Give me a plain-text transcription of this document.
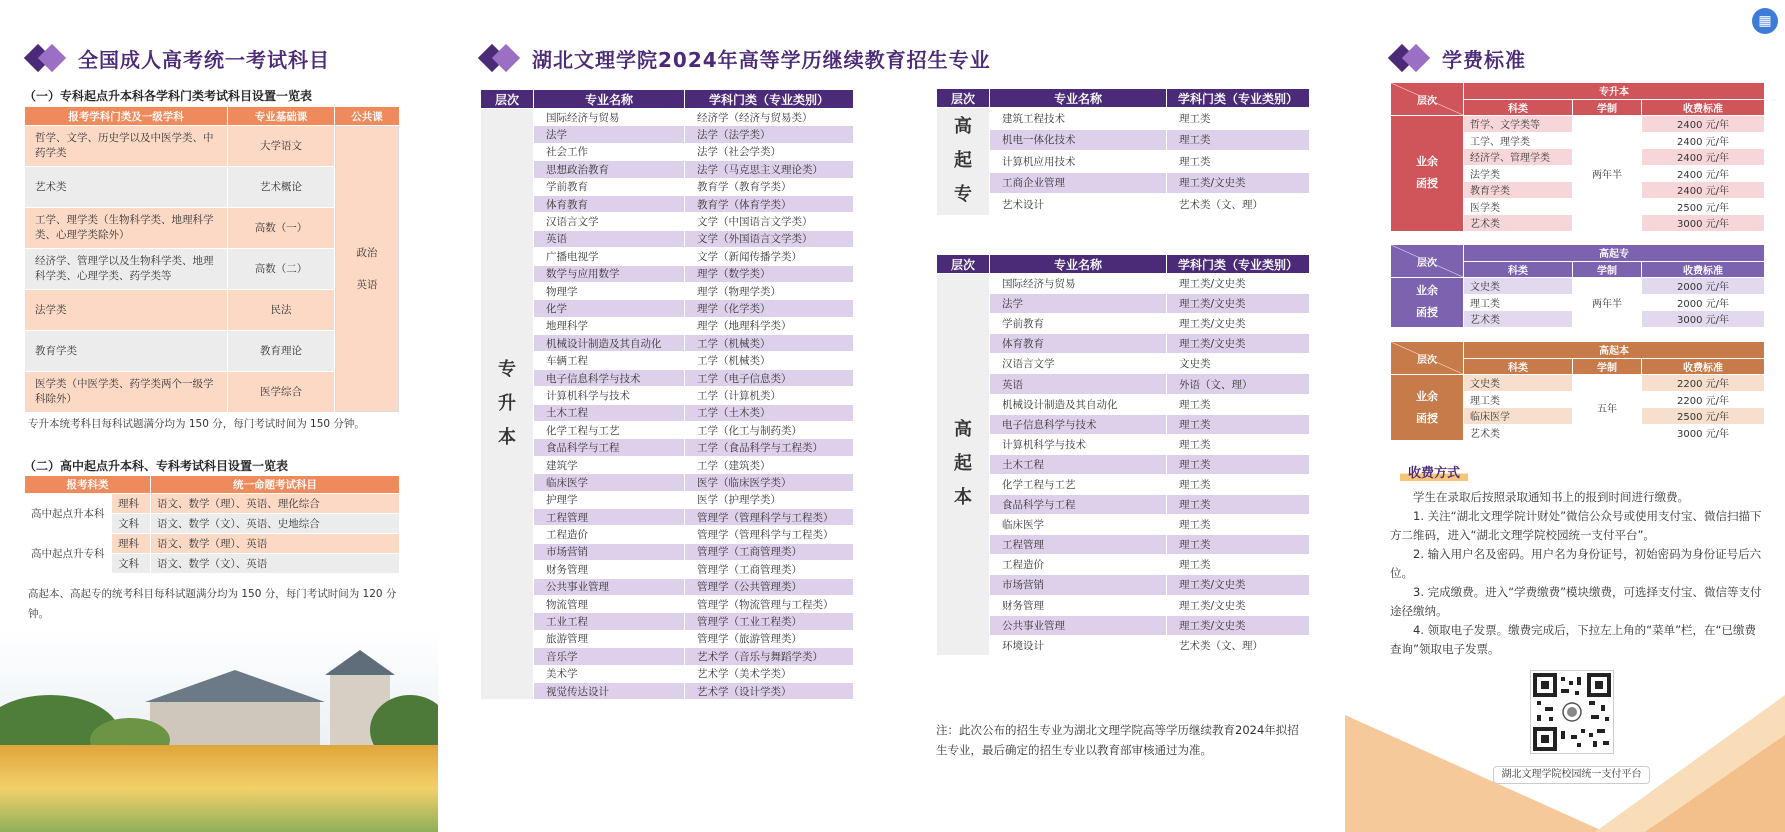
▦
全国成人高考统一考试科目
（一）专科起点升本科各学科门类考试科目设置一览表
报考学科门类及一级学科	专业基础课	公共课
哲学、文学、历史学以及中医学类、中药学类	大学语文	政治
英语

艺术类	艺术概论	
工学、理学类（生物科学类、地理科学类、心理学类除外）	高数（一）	
经济学、管理学以及生物科学类、地理科学类、心理学类、药学类等	高数（二）	
法学类	民法	
教育学类	教育理论	
医学类（中医学类、药学类两个一级学科除外）	医学综合	
专升本统考科目每科试题满分均为 150 分，每门考试时间为 150 分钟。
（二）高中起点升本科、专科考试科目设置一览表
报考科类		统一命题考试科目
高中起点升本科	理科	语文、数学（理）、英语、理化综合
	文科	语文、数学（文）、英语、史地综合
高中起点升专科	理科	语文、数学（理）、英语
	文科	语文、数学（文）、英语
高起本、高起专的统考科目每科试题满分均为 150 分，每门考试时间为 120 分钟。
湖北文理学院2024年高等学历继续教育招生专业
层次	专业名称	学科门类（专业类别）
专
升
本	国际经济与贸易	经济学（经济与贸易类）
	法学	法学（法学类）
	社会工作	法学（社会学类）
	思想政治教育	法学（马克思主义理论类）
	学前教育	教育学（教育学类）
	体育教育	教育学（体育学类）
	汉语言文学	文学（中国语言文学类）
	英语	文学（外国语言文学类）
	广播电视学	文学（新闻传播学类）
	数学与应用数学	理学（数学类）
	物理学	理学（物理学类）
	化学	理学（化学类）
	地理科学	理学（地理科学类）
	机械设计制造及其自动化	工学（机械类）
	车辆工程	工学（机械类）
	电子信息科学与技术	工学（电子信息类）
	计算机科学与技术	工学（计算机类）
	土木工程	工学（土木类）
	化学工程与工艺	工学（化工与制药类）
	食品科学与工程	工学（食品科学与工程类）
	建筑学	工学（建筑类）
	临床医学	医学（临床医学类）
	护理学	医学（护理学类）
	工程管理	管理学（管理科学与工程类）
	工程造价	管理学（管理科学与工程类）
	市场营销	管理学（工商管理类）
	财务管理	管理学（工商管理类）
	公共事业管理	管理学（公共管理类）
	物流管理	管理学（物流管理与工程类）
	工业工程	管理学（工业工程类）
	旅游管理	管理学（旅游管理类）
	音乐学	艺术学（音乐与舞蹈学类）
	美术学	艺术学（美术学类）
	视觉传达设计	艺术学（设计学类）
层次	专业名称	学科门类（专业类别）
高
起
专	建筑工程技术	理工类
	机电一体化技术	理工类
	计算机应用技术	理工类
	工商企业管理	理工类/文史类
	艺术设计	艺术类（文、理）
层次	专业名称	学科门类（专业类别）
高
起
本	国际经济与贸易	理工类/文史类
	法学	理工类/文史类
	学前教育	理工类/文史类
	体育教育	理工类/文史类
	汉语言文学	文史类
	英语	外语（文、理）
	机械设计制造及其自动化	理工类
	电子信息科学与技术	理工类
	计算机科学与技术	理工类
	土木工程	理工类
	化学工程与工艺	理工类
	食品科学与工程	理工类
	临床医学	理工类
	工程管理	理工类
	工程造价	理工类
	市场营销	理工类/文史类
	财务管理	理工类/文史类
	公共事业管理	理工类/文史类
	环境设计	艺术类（文、理）
注：此次公布的招生专业为湖北文理学院高等学历继续教育2024年拟招生专业，最后确定的招生专业以教育部审核通过为准。
学费标准
层次	专升本		
	科类	学制	收费标准
业余
函授	哲学、文学类等	两年半	2400 元/年
	工学、理学类		2400 元/年
	经济学、管理学类		2400 元/年
	法学类		2400 元/年
	教育学类		2400 元/年
	医学类		2500 元/年
	艺术类		3000 元/年
层次	高起专		
	科类	学制	收费标准
业余
函授	文史类	两年半	2000 元/年
	理工类		2000 元/年
	艺术类		3000 元/年
层次	高起本		
	科类	学制	收费标准
业余
函授	文史类	五年	2200 元/年
	理工类		2200 元/年
	临床医学		2500 元/年
	艺术类		3000 元/年
收费方式

学生在录取后按照录取通知书上的报到时间进行缴费。

1. 关注“湖北文理学院计财处”微信公众号或使用支付宝、微信扫描下方二维码，进入“湖北文理学院校园统一支付平台”。

2. 输入用户名及密码。用户名为身份证号，初始密码为身份证号后六位。

3. 完成缴费。进入“学费缴费”模块缴费，可选择支付宝、微信等支付途径缴纳。

4. 领取电子发票。缴费完成后，下拉左上角的“菜单”栏，在“已缴费查询”领取电子发票。

湖北文理学院校园统一支付平台
